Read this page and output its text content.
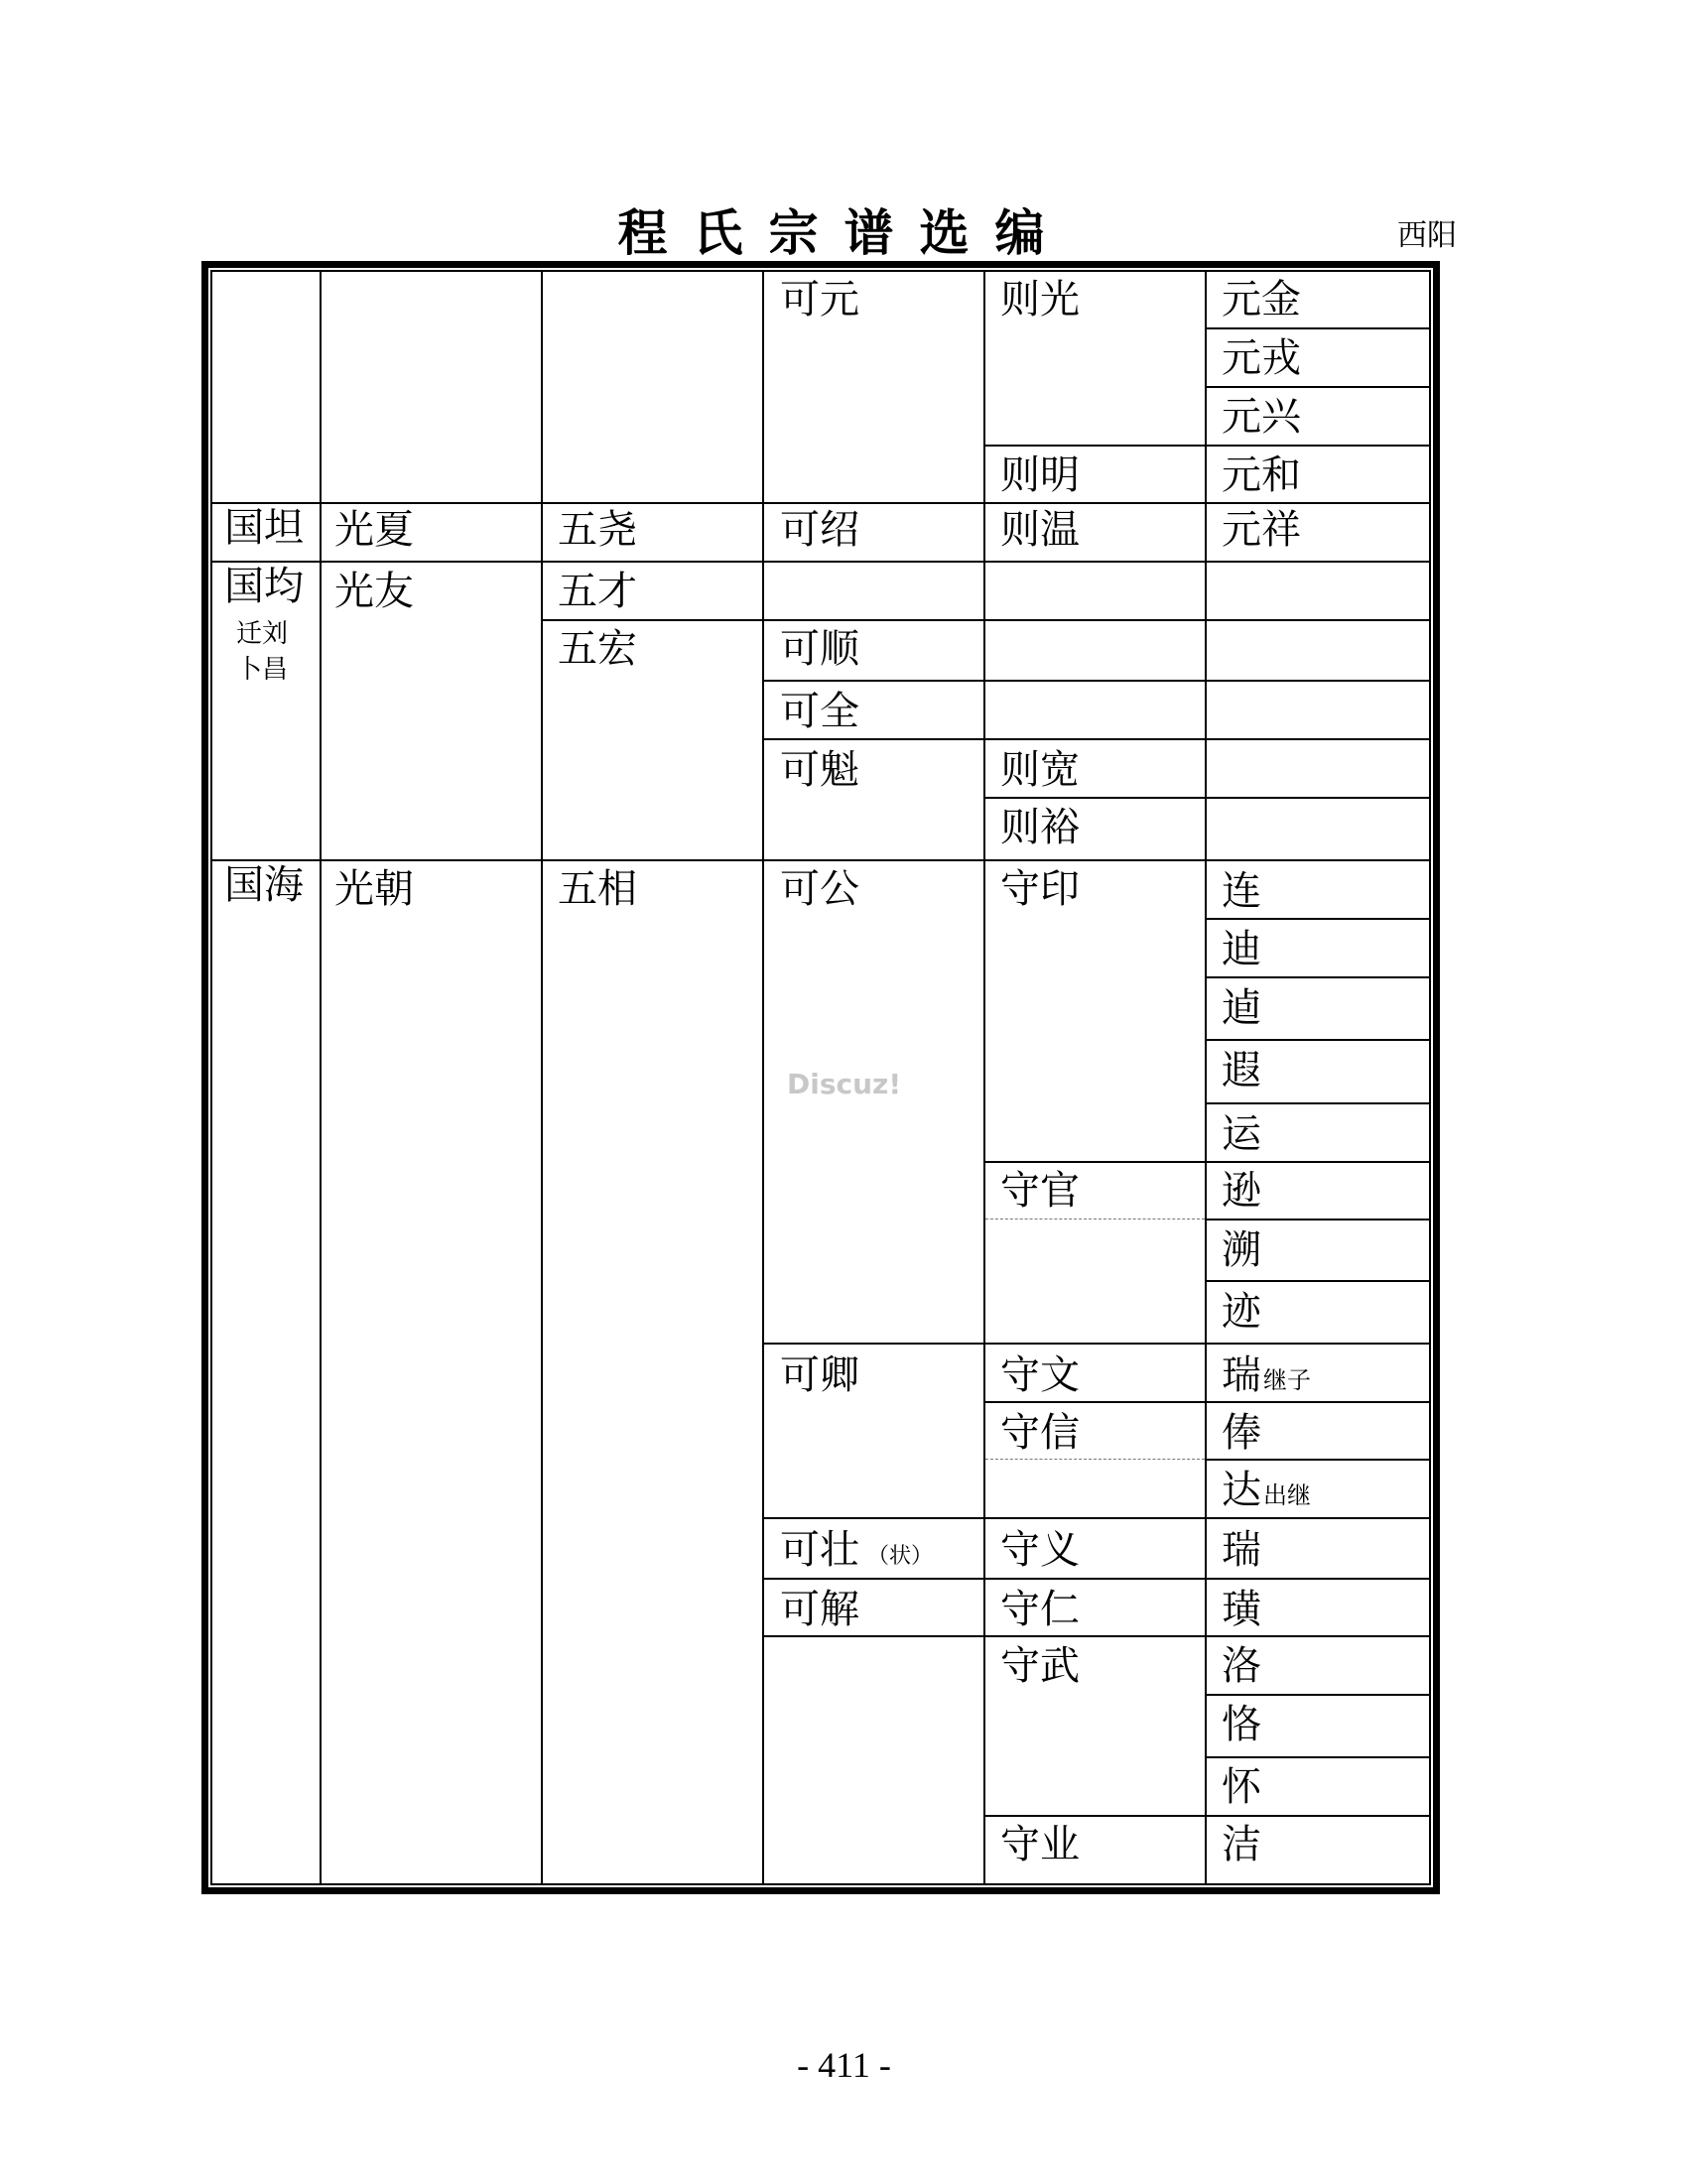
程氏宗谱选编	西阳
国坦
国均
迁刘
卜昌
国海
光夏
光友
光朝
五尧
五才
五宏
五相
可元
可绍
可顺
可全
可魁
可公
可卿
可壮 （状）
可解
则光
则明
则温
则宽
则裕
守印
守官
守文
守信
守义
守仁
守武
守业
元金
元戎
元兴
元和
元祥
连
迪
逌
遐
运
逊
溯
迹
瑞继子
俸
达出继
瑞
璜
洛
恪
怀
洁
Discuz!
- 411 -
